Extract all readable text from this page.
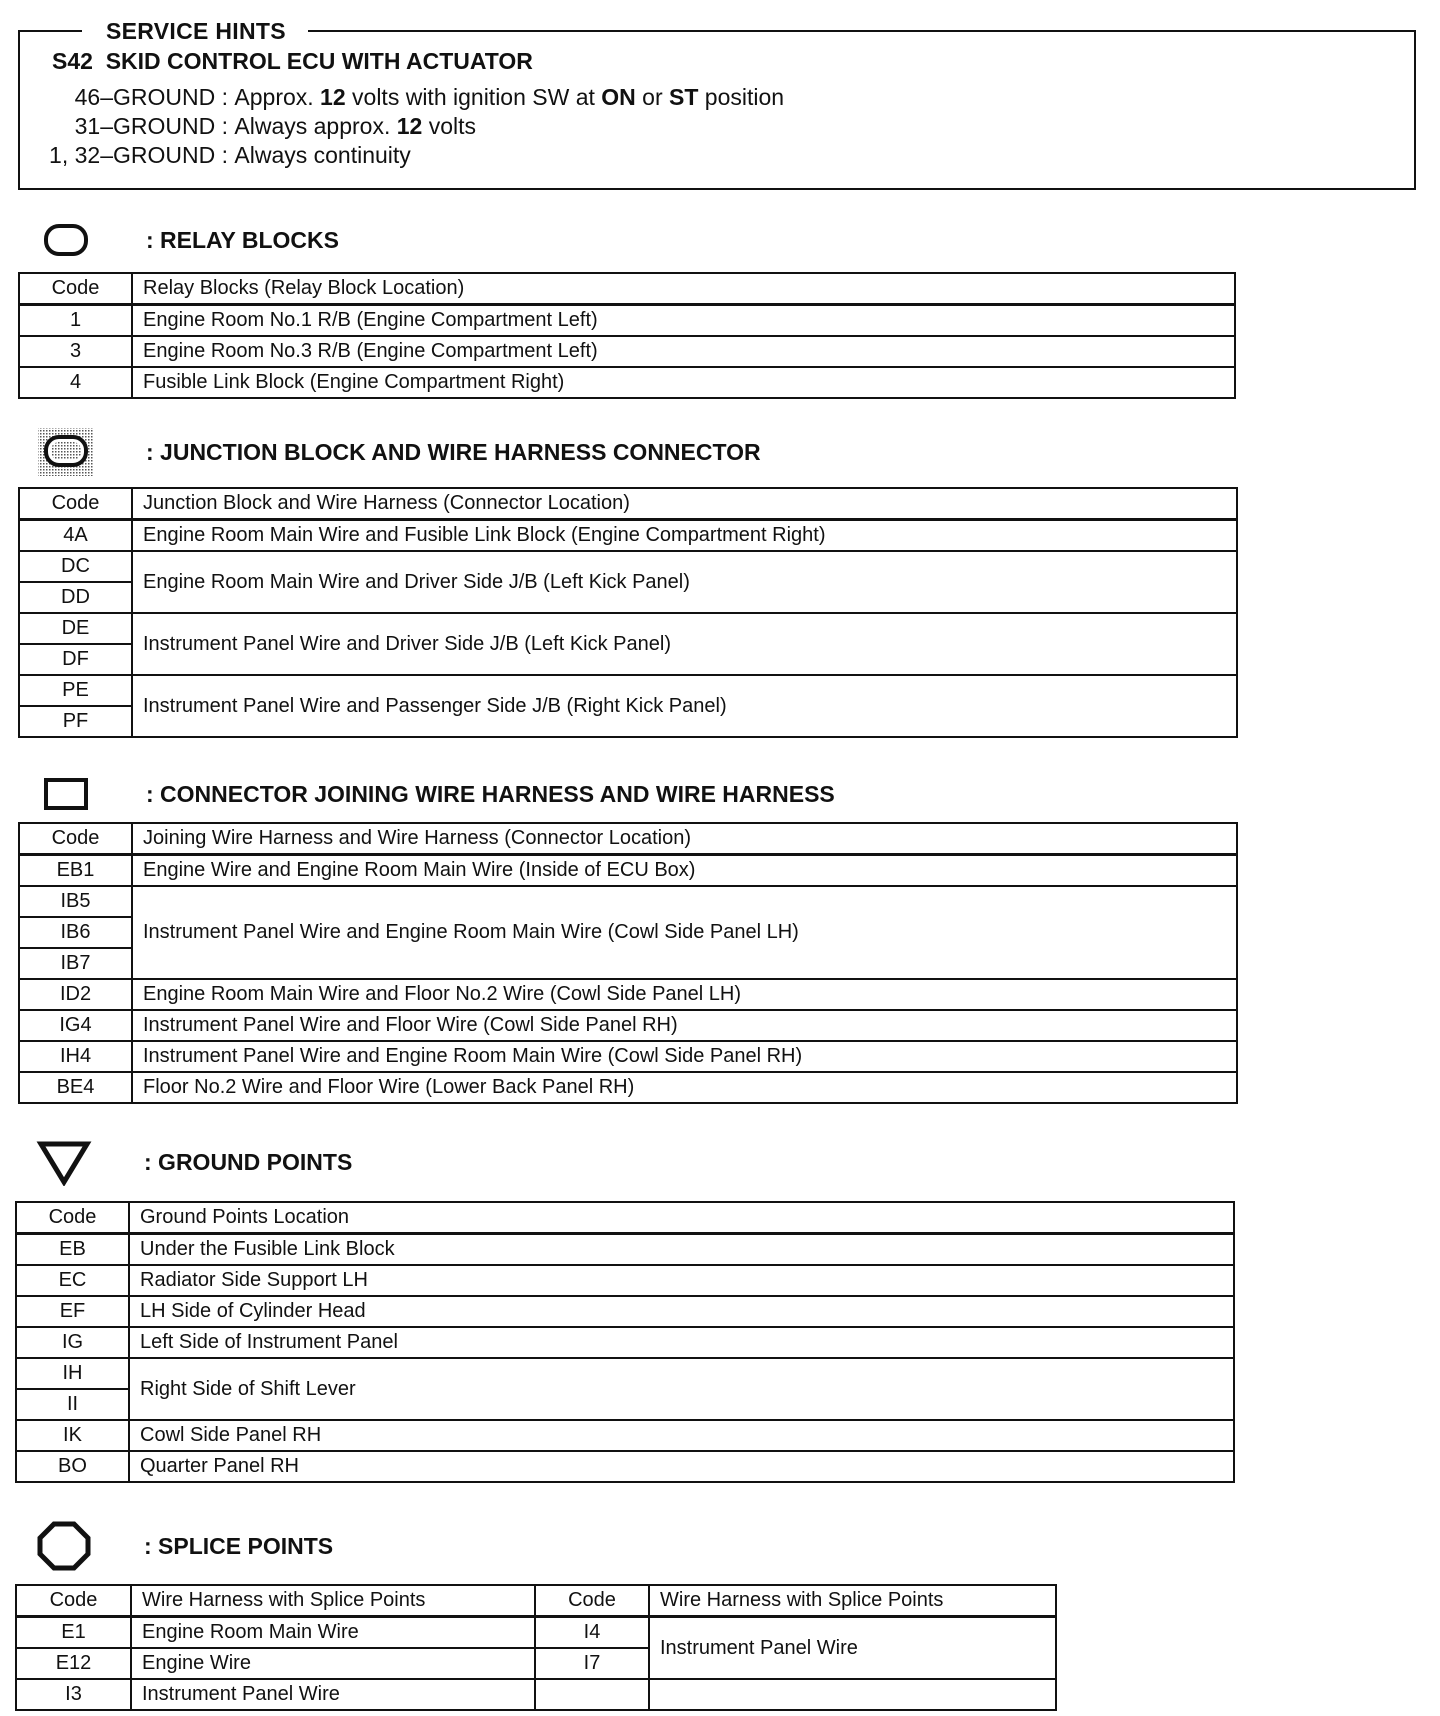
SERVICE HINTS
S42 SKID CONTROL ECU WITH ACTUATOR
46–GROUND : Approx. 12 volts with ignition SW at ON or ST position
31–GROUND : Always approx. 12 volts
1, 32–GROUND : Always continuity
: RELAY BLOCKS
Code	Relay Blocks (Relay Block Location)
1	Engine Room No.1 R/B (Engine Compartment Left)
3	Engine Room No.3 R/B (Engine Compartment Left)
4	Fusible Link Block (Engine Compartment Right)
: JUNCTION BLOCK AND WIRE HARNESS CONNECTOR
Code	Junction Block and Wire Harness (Connector Location)
4A	Engine Room Main Wire and Fusible Link Block (Engine Compartment Right)
DC	Engine Room Main Wire and Driver Side J/B (Left Kick Panel)
DD	
DE	Instrument Panel Wire and Driver Side J/B (Left Kick Panel)
DF	
PE	Instrument Panel Wire and Passenger Side J/B (Right Kick Panel)
PF	
: CONNECTOR JOINING WIRE HARNESS AND WIRE HARNESS
Code	Joining Wire Harness and Wire Harness (Connector Location)
EB1	Engine Wire and Engine Room Main Wire (Inside of ECU Box)
IB5	Instrument Panel Wire and Engine Room Main Wire (Cowl Side Panel LH)
IB6	
IB7	
ID2	Engine Room Main Wire and Floor No.2 Wire (Cowl Side Panel LH)
IG4	Instrument Panel Wire and Floor Wire (Cowl Side Panel RH)
IH4	Instrument Panel Wire and Engine Room Main Wire (Cowl Side Panel RH)
BE4	Floor No.2 Wire and Floor Wire (Lower Back Panel RH)
: GROUND POINTS
Code	Ground Points Location
EB	Under the Fusible Link Block
EC	Radiator Side Support LH
EF	LH Side of Cylinder Head
IG	Left Side of Instrument Panel
IH	Right Side of Shift Lever
II	
IK	Cowl Side Panel RH
BO	Quarter Panel RH
: SPLICE POINTS
Code	Wire Harness with Splice Points	Code	Wire Harness with Splice Points
E1	Engine Room Main Wire	I4	Instrument Panel Wire
E12	Engine Wire	I7	
I3	Instrument Panel Wire		
